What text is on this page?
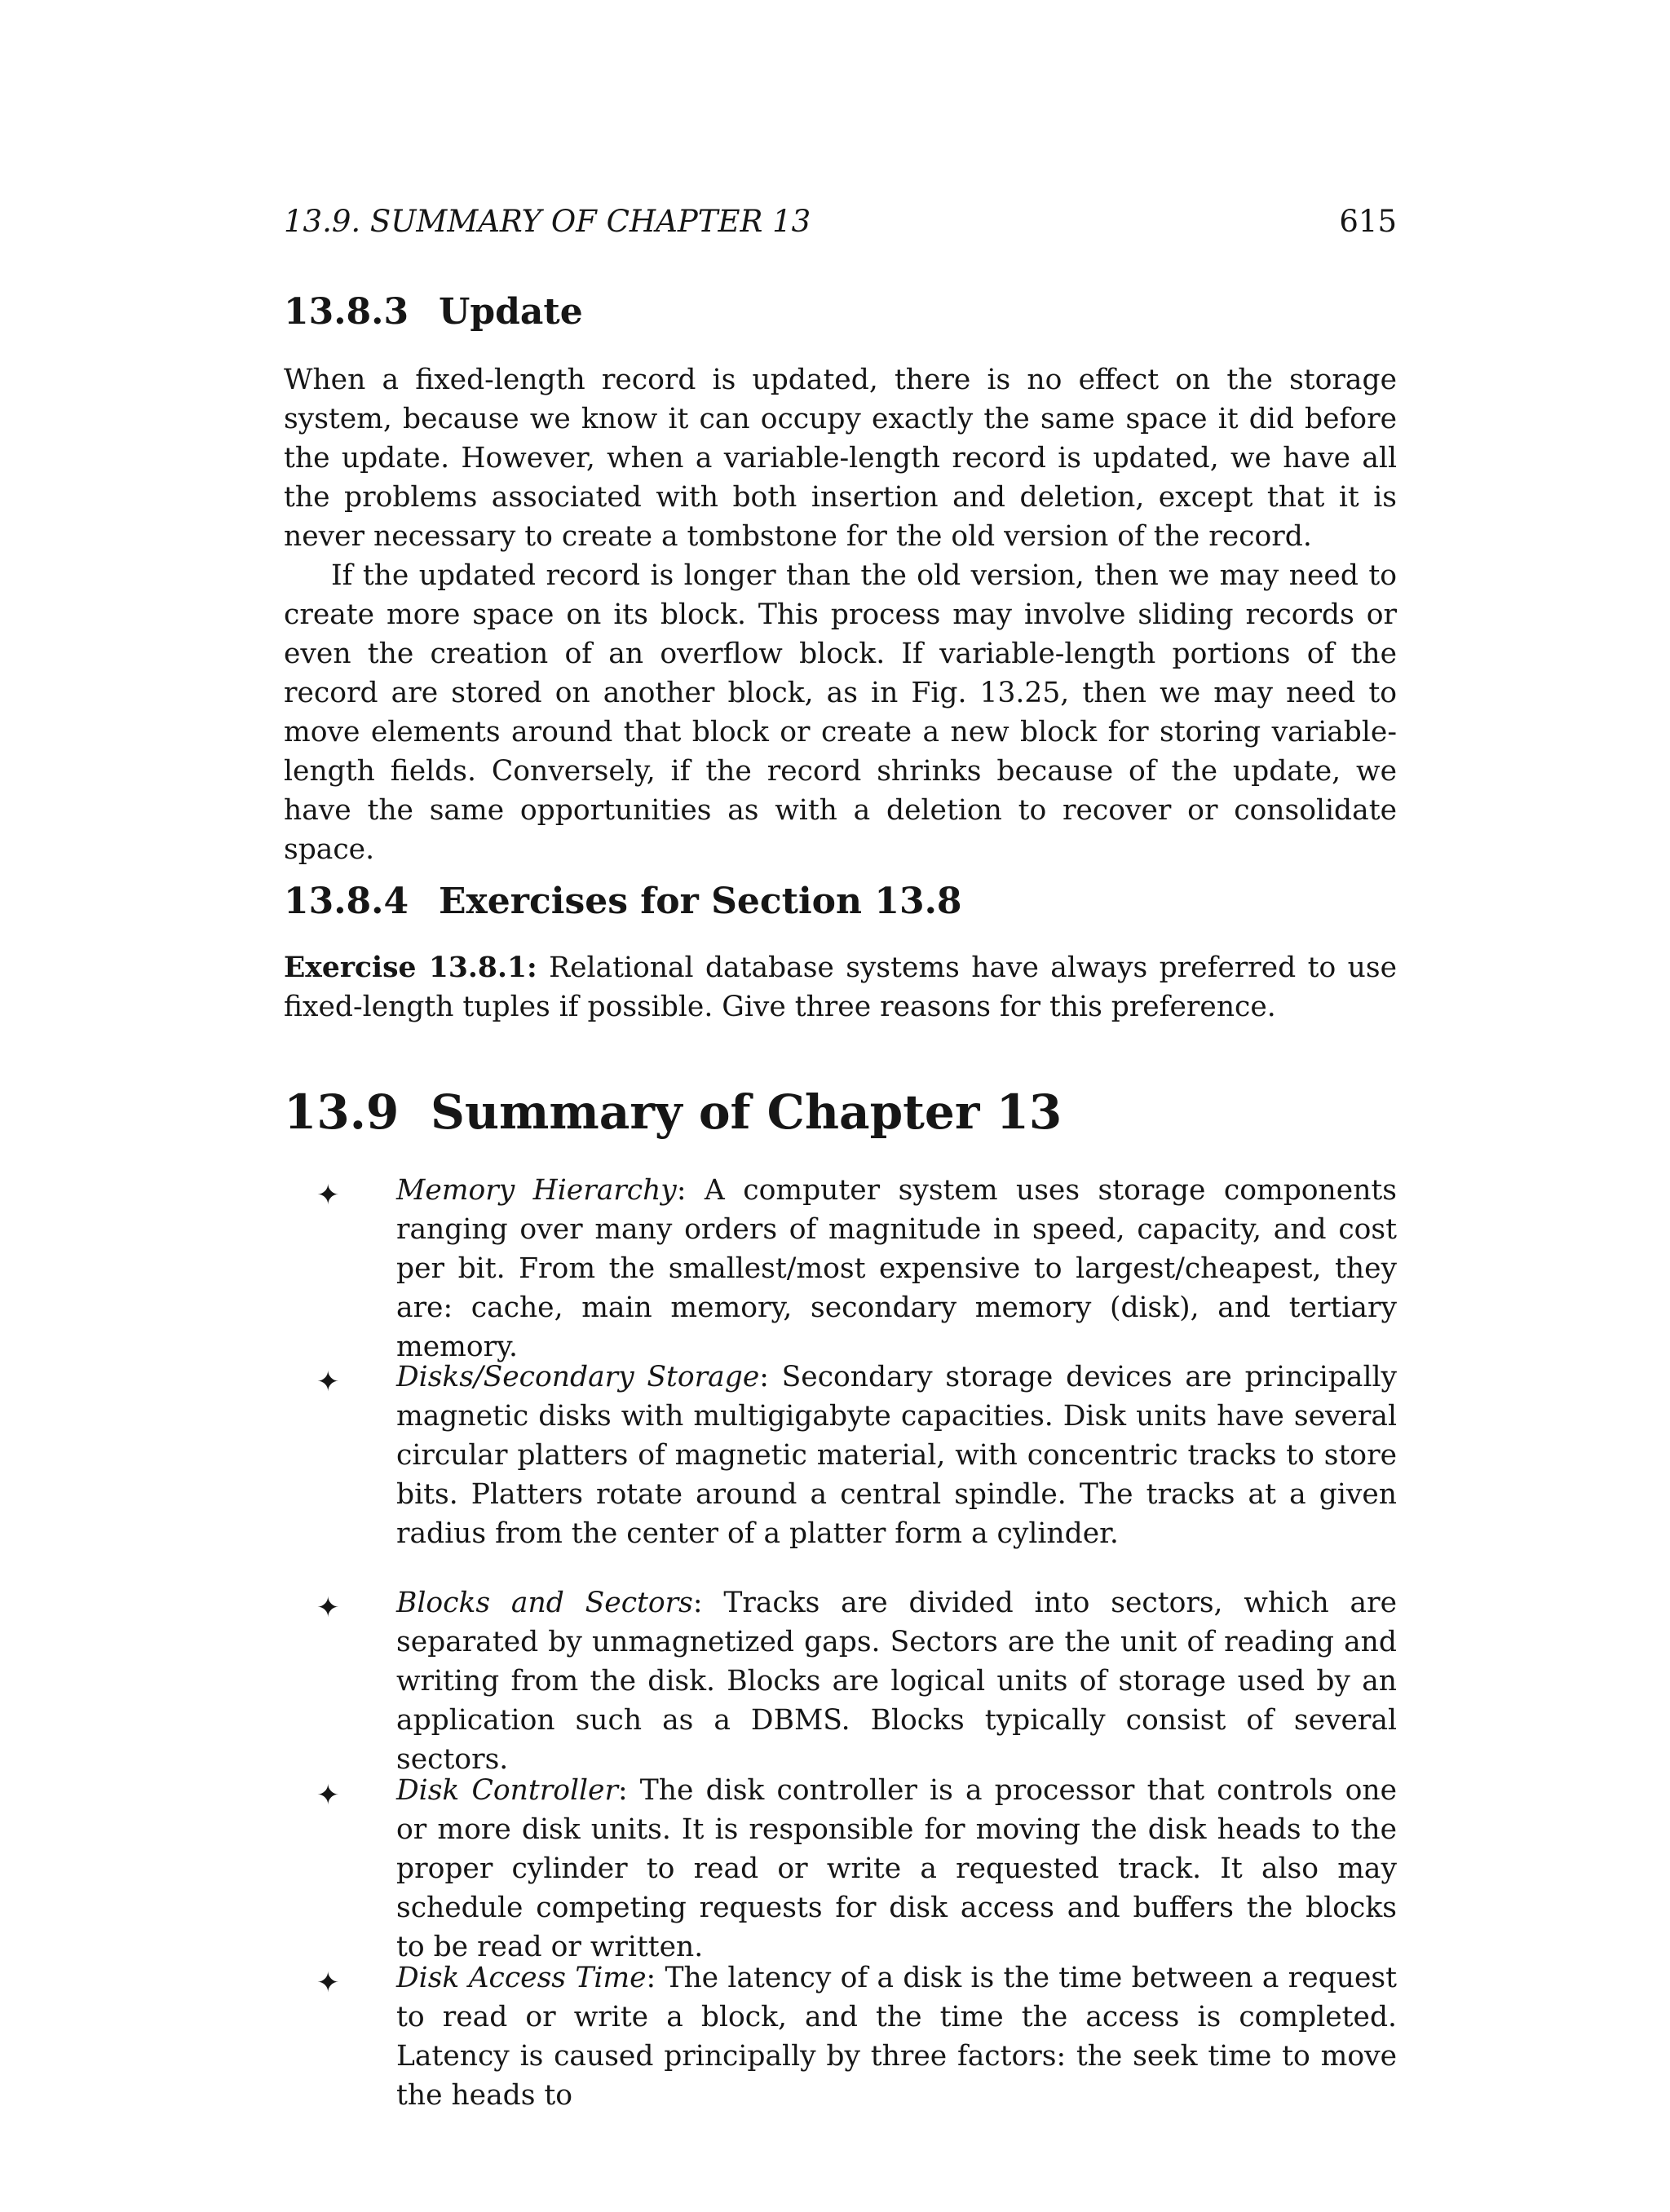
13.9. SUMMARY OF CHAPTER 13	615
13.8.3 Update

When a fixed-length record is updated, there is no effect on the storage system, because we know it can occupy exactly the same space it did before the update. However, when a variable-length record is updated, we have all the problems associated with both insertion and deletion, except that it is never necessary to create a tombstone for the old version of the record.

If the updated record is longer than the old version, then we may need to create more space on its block. This process may involve sliding records or even the creation of an overflow block. If variable-length portions of the record are stored on another block, as in Fig. 13.25, then we may need to move elements around that block or create a new block for storing variable-length fields. Conversely, if the record shrinks because of the update, we have the same opportunities as with a deletion to recover or consolidate space.

13.8.4 Exercises for Section 13.8

Exercise 13.8.1: Relational database systems have always preferred to use fixed-length tuples if possible. Give three reasons for this preference.

13.9 Summary of Chapter 13
✦ Memory Hierarchy: A computer system uses storage components ranging over many orders of magnitude in speed, capacity, and cost per bit. From the smallest/most expensive to largest/cheapest, they are: cache, main memory, secondary memory (disk), and tertiary memory.

✦ Disks/Secondary Storage: Secondary storage devices are principally magnetic disks with multigigabyte capacities. Disk units have several circular platters of magnetic material, with concentric tracks to store bits. Platters rotate around a central spindle. The tracks at a given radius from the center of a platter form a cylinder.

✦ Blocks and Sectors: Tracks are divided into sectors, which are separated by unmagnetized gaps. Sectors are the unit of reading and writing from the disk. Blocks are logical units of storage used by an application such as a DBMS. Blocks typically consist of several sectors.

✦ Disk Controller: The disk controller is a processor that controls one or more disk units. It is responsible for moving the disk heads to the proper cylinder to read or write a requested track. It also may schedule competing requests for disk access and buffers the blocks to be read or written.

✦ Disk Access Time: The latency of a disk is the time between a request to read or write a block, and the time the access is completed. Latency is caused principally by three factors: the seek time to move the heads to
